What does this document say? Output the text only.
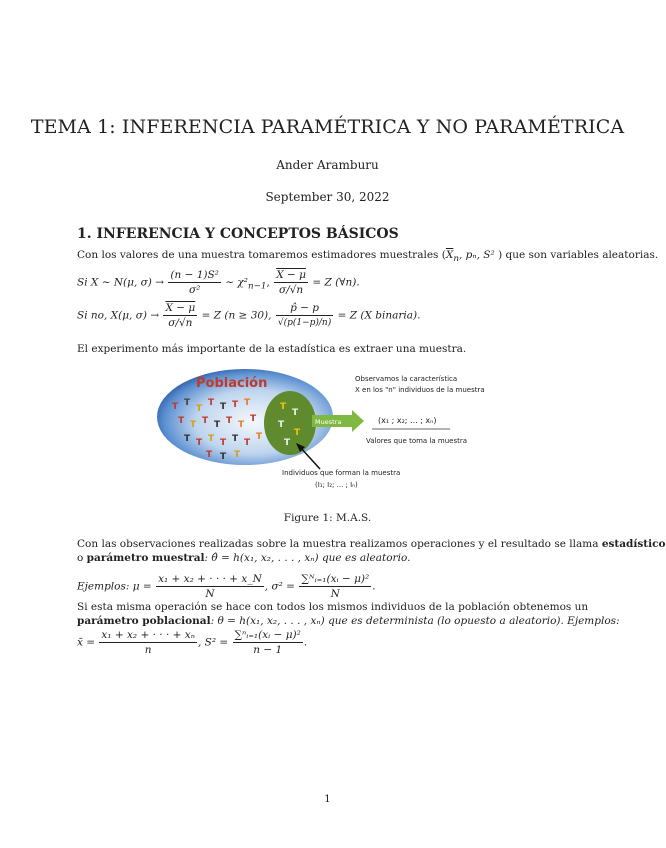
TEMA 1: INFERENCIA PARAMÉTRICA Y NO PARAMÉTRICA
Ander Aramburu
September 30, 2022
1. INFERENCIA Y CONCEPTOS BÁSICOS
Con los valores de una muestra tomaremos estimadores muestrales ($\overline{X}_n$, pₙ, S² ) que son variables aleatorias.
Si X ∼ N(μ, $\sigma) \to \frac{\text{(n − 1)S²}}{\text{σ²}}$ ∼ $\chi^2_{n-1}$, $\frac{X - \mu}{\sigma/√n} = Z$ (∀n).
Si no, X(μ, $\sigma) \to \frac{X - \mu}{\sigma/√n} = Z$ (n ≥ 30), $\frac{p̂ - p}{√(p(1-p)/n)} = Z$ (X binaria).
El experimento más importante de la estadística es extraer una muestra.
Población
T T
T
T T T T
T T T T T T
T
T T T T T T
T
T T T
T
T
T
T
T
Muestra
Observamos la característica
X en los "n" individuos de la muestra
(x₁ ; x₂; ... ; xₙ)
Valores que toma la muestra
Individuos que forman la muestra
(I₁; I₂; ... ; Iₙ)
Figure 1: M.A.S.
Con las observaciones realizadas sobre la muestra realizamos operaciones y el resultado se llama estadístico
o parámetro muestral: θ̂ = h(x₁, x₂, . . . , xₙ) que es aleatorio.
Ejemplos: $\mu = \frac{\text{x₁ + x₂ + · · · + x\_N}}{N}$ , $\sigma^2 = \frac{\text{∑ᴺᵢ₌₁(xᵢ − μ)²}}{N}$ .
Si esta misma operación se hace con todos los mismos individuos de la población obtenemos un
parámetro poblacional: θ = h(x₁, x₂, . . . , xₙ) que es determinista (lo opuesto a aleatorio). Ejemplos:
x̄ = $\frac{\text{x₁ + x₂ + · · · + xₙ}}{n}$ , $S^2 = \frac{\text{∑ⁿᵢ₌₁(xᵢ − μ)²}}{n - 1}$ .
1
